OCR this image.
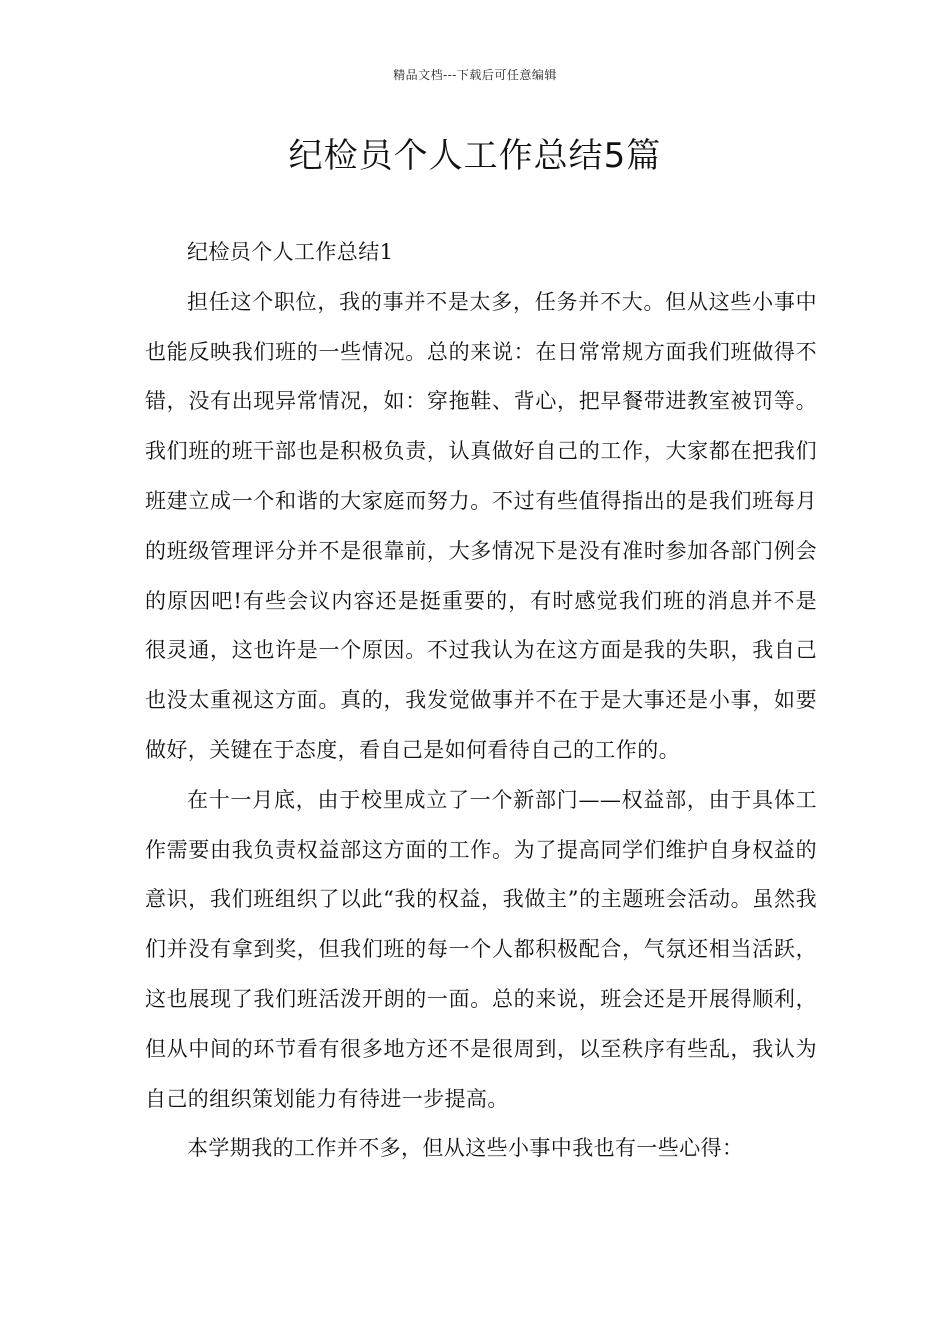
精品文档---下载后可任意编辑
纪检员个人工作总结5篇

纪检员个人工作总结1

担任这个职位，我的事并不是太多，任务并不大。但从这些小事中也能反映我们班的一些情况。总的来说：在日常常规方面我们班做得不错，没有出现异常情况，如：穿拖鞋、背心，把早餐带进教室被罚等。我们班的班干部也是积极负责，认真做好自己的工作，大家都在把我们班建立成一个和谐的大家庭而努力。不过有些值得指出的是我们班每月的班级管理评分并不是很靠前，大多情况下是没有准时参加各部门例会的原因吧!有些会议内容还是挺重要的，有时感觉我们班的消息并不是很灵通，这也许是一个原因。不过我认为在这方面是我的失职，我自己也没太重视这方面。真的，我发觉做事并不在于是大事还是小事，如要做好，关键在于态度，看自己是如何看待自己的工作的。

在十一月底，由于校里成立了一个新部门——权益部，由于具体工作需要由我负责权益部这方面的工作。为了提高同学们维护自身权益的意识，我们班组织了以此“我的权益，我做主”的主题班会活动。虽然我们并没有拿到奖，但我们班的每一个人都积极配合，气氛还相当活跃，这也展现了我们班活泼开朗的一面。总的来说，班会还是开展得顺利，但从中间的环节看有很多地方还不是很周到，以至秩序有些乱，我认为自己的组织策划能力有待进一步提高。

本学期我的工作并不多，但从这些小事中我也有一些心得：
